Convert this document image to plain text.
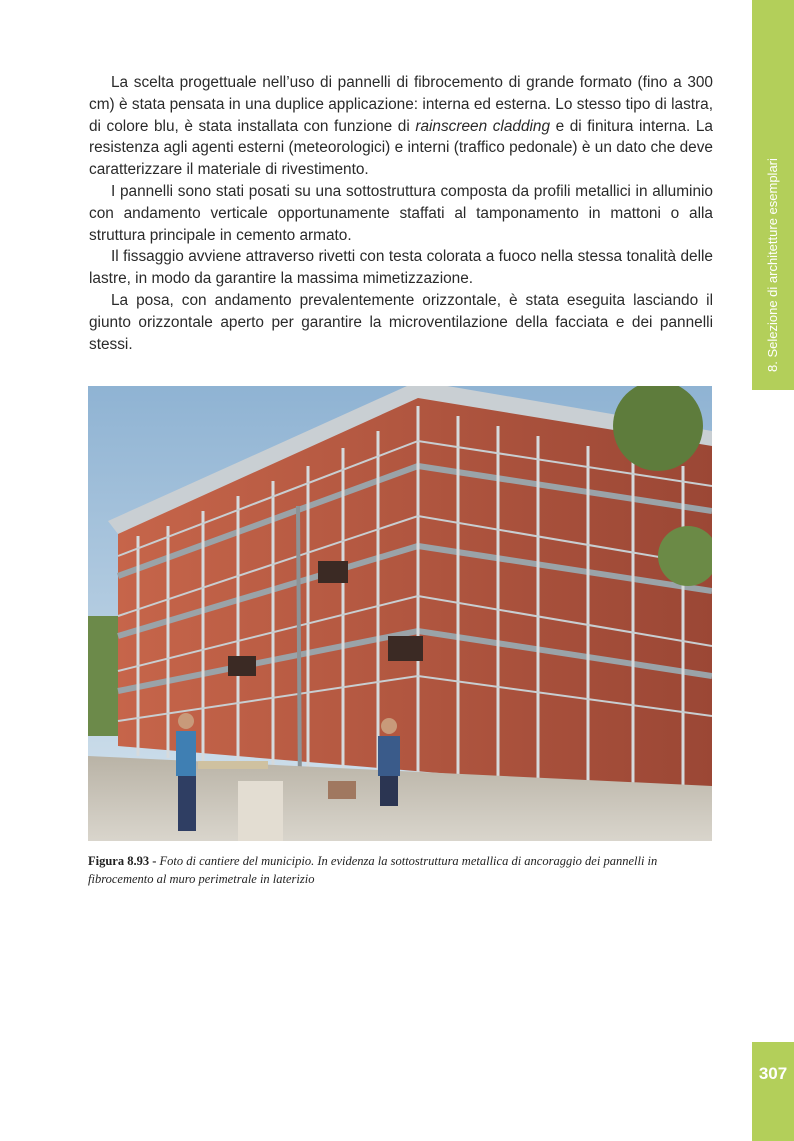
8. Selezione di architetture esemplari

La scelta progettuale nell’uso di pannelli di fibrocemento di grande formato (fino a 300 cm) è stata pensata in una duplice applicazione: interna ed esterna. Lo stesso tipo di lastra, di colore blu, è stata installata con funzione di rainscreen cladding e di finitura interna. La resistenza agli agenti esterni (meteorologici) e interni (traffico pedonale) è un dato che deve caratterizzare il materiale di rivestimento.

I pannelli sono stati posati su una sottostruttura composta da profili metallici in alluminio con andamento verticale opportunamente staffati al tamponamento in mattoni o alla struttura principale in cemento armato.

Il fissaggio avviene attraverso rivetti con testa colorata a fuoco nella stessa tonalità delle lastre, in modo da garantire la massima mimetizzazione.

La posa, con andamento prevalentemente orizzontale, è stata eseguita lasciando il giunto orizzontale aperto per garantire la microventilazione della facciata e dei pannelli stessi.

Figura 8.93 - Foto di cantiere del municipio. In evidenza la sottostruttura metallica di ancoraggio dei pannelli in fibrocemento al muro perimetrale in laterizio
307
